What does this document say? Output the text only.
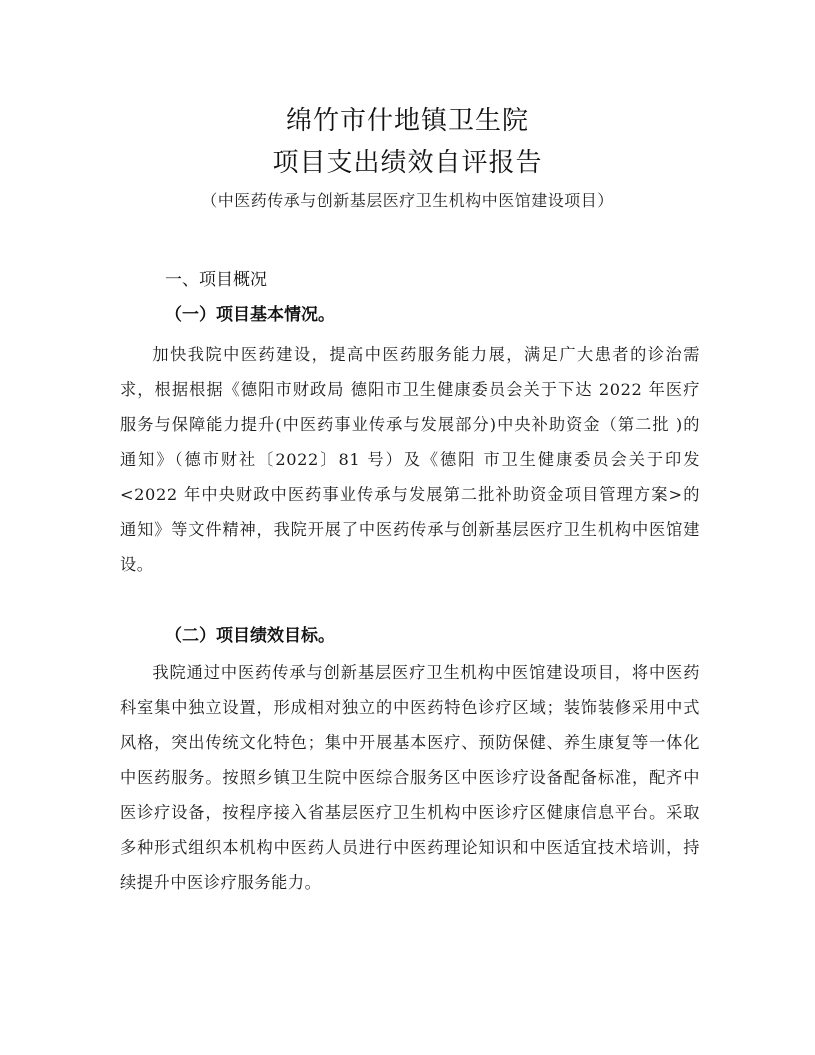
绵竹市什地镇卫生院
项目支出绩效自评报告
（中医药传承与创新基层医疗卫生机构中医馆建设项目）
一、项目概况
（一）项目基本情况。
加快我院中医药建设，提高中医药服务能力展，满足广大患者的诊治需求，根据根据《德阳市财政局 德阳市卫生健康委员会关于下达 2022 年医疗服务与保障能力提升(中医药事业传承与发展部分)中央补助资金（第二批 )的通知》（德市财社〔2022〕81 号）及《德阳 市卫生健康委员会关于印发<2022 年中央财政中医药事业传承与发展第二批补助资金项目管理方案>的通知》等文件精神，我院开展了中医药传承与创新基层医疗卫生机构中医馆建设。
（二）项目绩效目标。
我院通过中医药传承与创新基层医疗卫生机构中医馆建设项目，将中医药科室集中独立设置，形成相对独立的中医药特色诊疗区域；装饰装修采用中式风格，突出传统文化特色；集中开展基本医疗、预防保健、养生康复等一体化中医药服务。按照乡镇卫生院中医综合服务区中医诊疗设备配备标准，配齐中医诊疗设备，按程序接入省基层医疗卫生机构中医诊疗区健康信息平台。采取多种形式组织本机构中医药人员进行中医药理论知识和中医适宜技术培训，持续提升中医诊疗服务能力。
